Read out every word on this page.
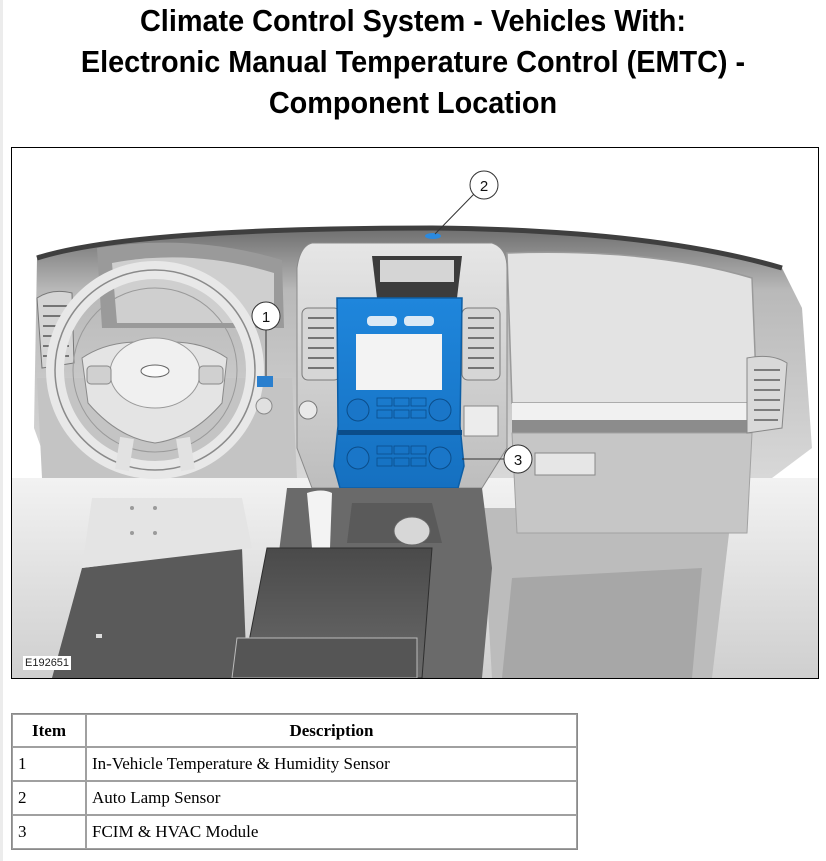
Climate Control System - Vehicles With:
Electronic Manual Temperature Control (EMTC) -
Component Location
1
2
3
E192651
Item	Description
1	In-Vehicle Temperature & Humidity Sensor
2	Auto Lamp Sensor
3	FCIM & HVAC Module
